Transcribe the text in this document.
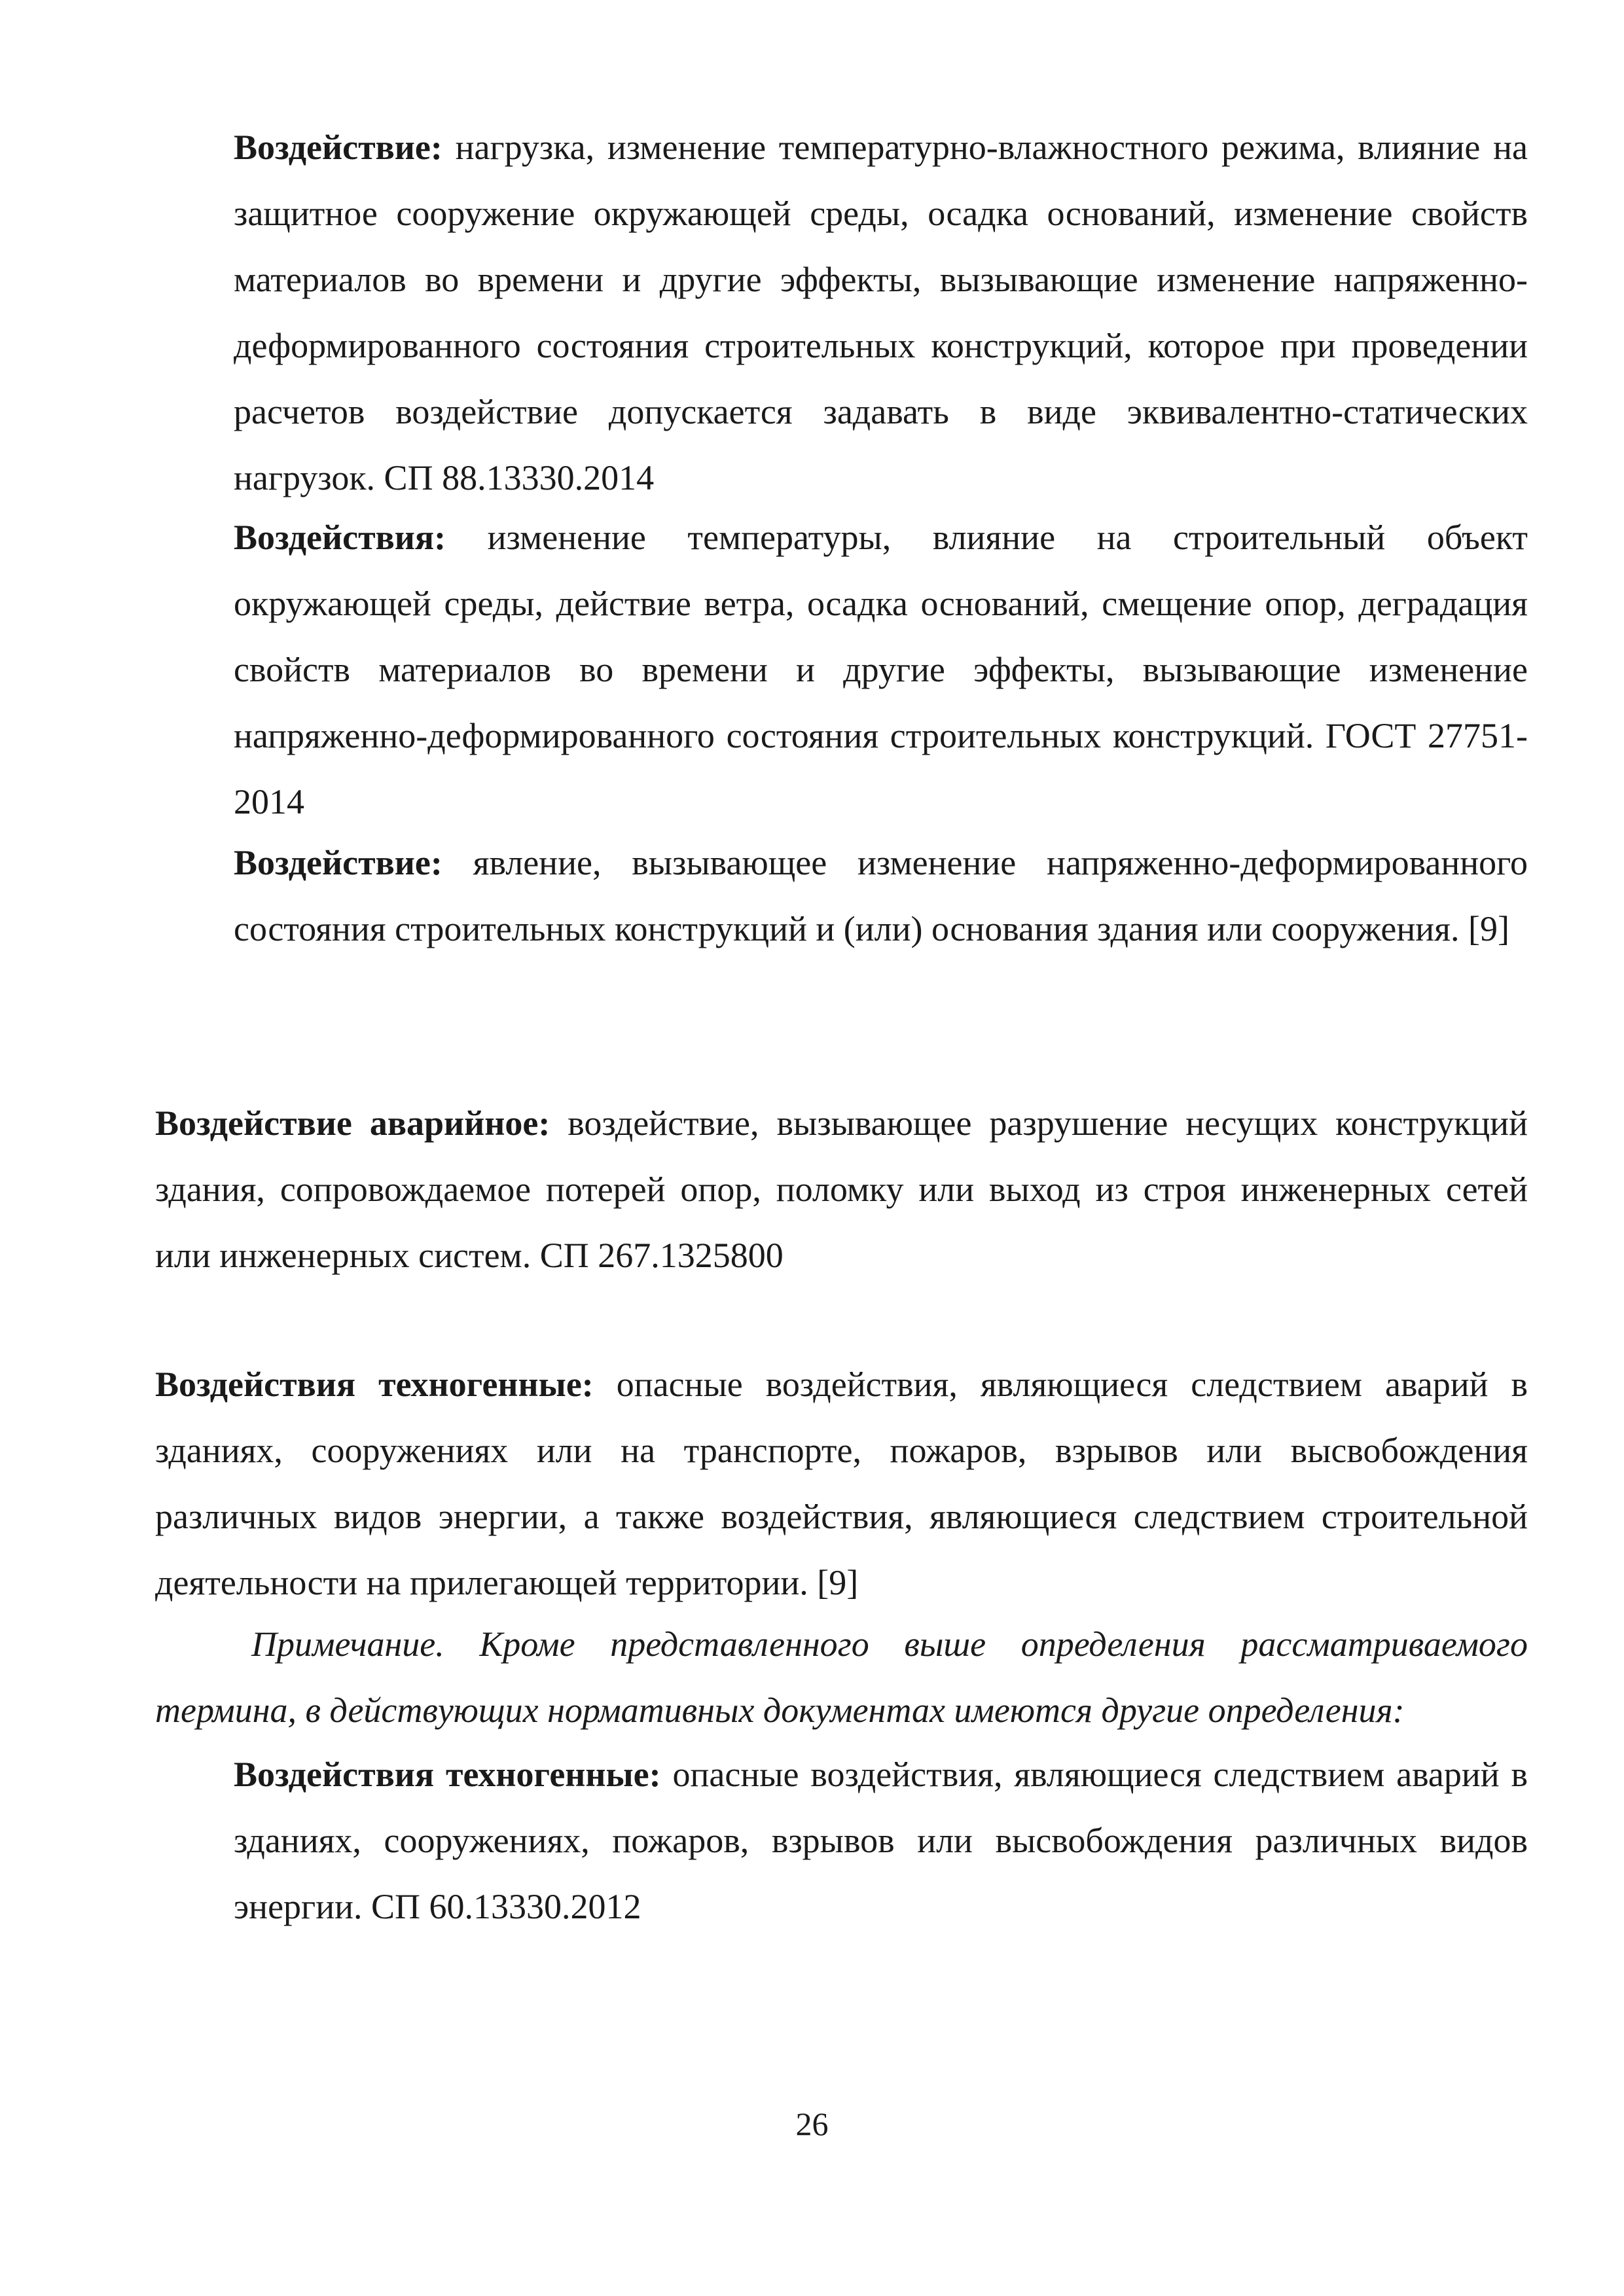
Воздействие: нагрузка, изменение температурно-влажностного режима, влияние на защитное сооружение окружающей среды, осадка оснований, изменение свойств материалов во времени и другие эффекты, вызывающие изменение напряженно-деформированного состояния строительных конструкций, которое при проведении расчетов воздействие допускается задавать в виде эквивалентно-статических нагрузок. СП 88.13330.2014

Воздействия: изменение температуры, влияние на строительный объект окружающей среды, действие ветра, осадка оснований, смещение опор, деградация свойств материалов во времени и другие эффекты, вызывающие изменение напряженно-деформированного состояния строительных конструкций. ГОСТ 27751-2014

Воздействие: явление, вызывающее изменение напряженно-деформированного состояния строительных конструкций и (или) основания здания или сооружения. [9]

Воздействие аварийное: воздействие, вызывающее разрушение несущих конструкций здания, сопровождаемое потерей опор, поломку или выход из строя инженерных сетей или инженерных систем. СП 267.1325800

Воздействия техногенные: опасные воздействия, являющиеся следствием аварий в зданиях, сооружениях или на транспорте, пожаров, взрывов или высвобождения различных видов энергии, а также воздействия, являющиеся следствием строительной деятельности на прилегающей территории. [9]

Примечание. Кроме представленного выше определения рассматриваемого термина, в действующих нормативных документах имеются другие определения:

Воздействия техногенные: опасные воздействия, являющиеся следствием аварий в зданиях, сооружениях, пожаров, взрывов или высвобождения различных видов энергии. СП 60.13330.2012

26
